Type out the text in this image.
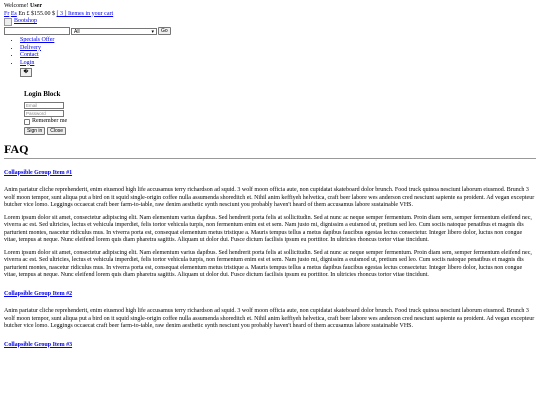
Welcome! User
Fr Es En £ $155.00 $ [ 3 ] Itemes in your cart
Bootshop
All	▾	Go
• Specials Offer
• Delivery
• Contact
• Login
�
Login Block
Email
Password
Remember me
Sign in	Close
FAQ
Collapsible Group Item #1

Anim pariatur cliche reprehenderit, enim eiusmod high life accusamus terry richardson ad squid. 3 wolf moon officia aute, non cupidatat skateboard dolor brunch. Food truck quinoa nesciunt laborum eiusmod. Brunch 3 wolf moon tempor, sunt aliqua put a bird on it squid single-origin coffee nulla assumenda shoreditch et. Nihil anim keffiyeh helvetica, craft beer labore wes anderson cred nesciunt sapiente ea proident. Ad vegan excepteur butcher vice lomo. Leggings occaecat craft beer farm-to-table, raw denim aesthetic synth nesciunt you probably haven't heard of them accusamus labore sustainable VHS.

Lorem ipsum dolor sit amet, consectetur adipiscing elit. Nam elementum varius dapibus. Sed hendrerit porta felis at sollicitudin. Sed at nunc ac neque semper fermentum. Proin diam sem, semper fermentum eleifend nec, viverra ac est. Sed ultricies, lectus et vehicula imperdiet, felis tortor vehicula turpis, non fermentum enim est et sem. Nam justo mi, dignissim a euismod ut, pretium sed leo. Cum sociis natoque penatibus et magnis dis parturient montes, nascetur ridiculus mus. In viverra porta est, consequat elementum metus tristique a. Mauris tempus tellus a metus dapibus faucibus egestas lectus consectetur. Integer libero dolor, luctus non congue vitae, tempus at neque. Nunc eleifend lorem quis diam pharetra sagittis. Aliquam ut dolor dui. Fusce dictum facilisis ipsum eu porttitor. In ultricies rhoncus tortor vitae tincidunt.

Lorem ipsum dolor sit amet, consectetur adipiscing elit. Nam elementum varius dapibus. Sed hendrerit porta felis at sollicitudin. Sed at nunc ac neque semper fermentum. Proin diam sem, semper fermentum eleifend nec, viverra ac est. Sed ultricies, lectus et vehicula imperdiet, felis tortor vehicula turpis, non fermentum enim est et sem. Nam justo mi, dignissim a euismod ut, pretium sed leo. Cum sociis natoque penatibus et magnis dis parturient montes, nascetur ridiculus mus. In viverra porta est, consequat elementum metus tristique a. Mauris tempus tellus a metus dapibus faucibus egestas lectus consectetur. Integer libero dolor, luctus non congue vitae, tempus at neque. Nunc eleifend lorem quis diam pharetra sagittis. Aliquam ut dolor dui. Fusce dictum facilisis ipsum eu porttitor. In ultricies rhoncus tortor vitae tincidunt.

Collapsible Group Item #2

Anim pariatur cliche reprehenderit, enim eiusmod high life accusamus terry richardson ad squid. 3 wolf moon officia aute, non cupidatat skateboard dolor brunch. Food truck quinoa nesciunt laborum eiusmod. Brunch 3 wolf moon tempor, sunt aliqua put a bird on it squid single-origin coffee nulla assumenda shoreditch et. Nihil anim keffiyeh helvetica, craft beer labore wes anderson cred nesciunt sapiente ea proident. Ad vegan excepteur butcher vice lomo. Leggings occaecat craft beer farm-to-table, raw denim aesthetic synth nesciunt you probably haven't heard of them accusamus labore sustainable VHS.

Collapsible Group Item #3
